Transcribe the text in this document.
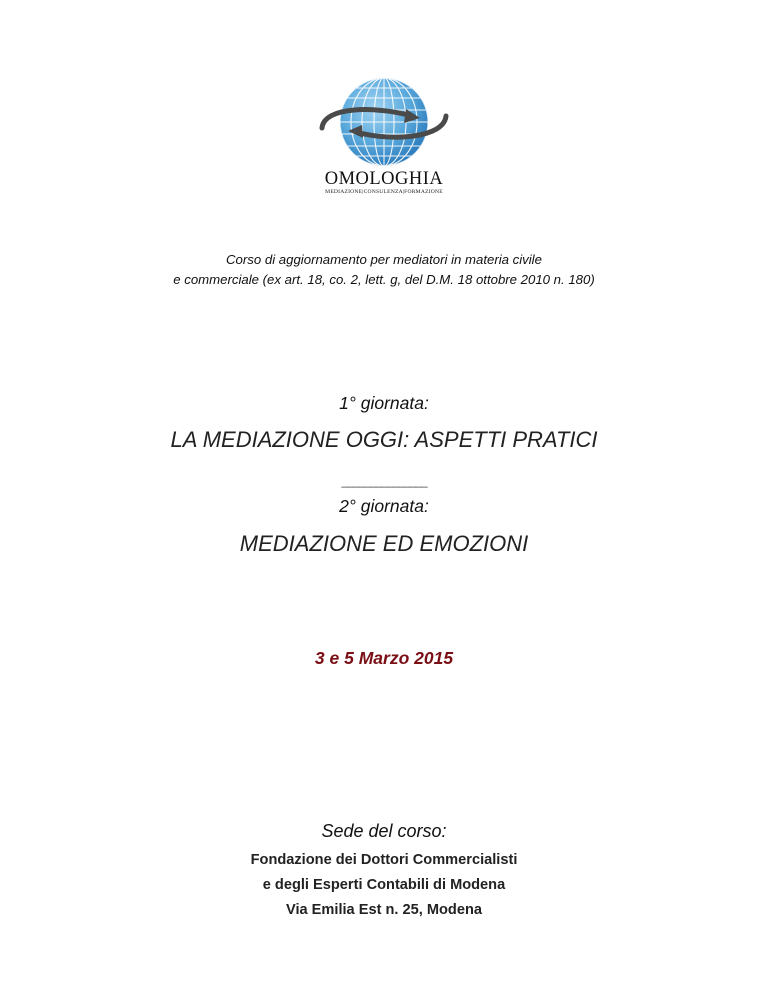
OMOLOGHIA
MEDIAZIONE|CONSULENZA|FORMAZIONE
Corso di aggiornamento per mediatori in materia civile
e commerciale (ex art. 18, co. 2, lett. g, del D.M. 18 ottobre 2010 n. 180)
1° giornata:
LA MEDIAZIONE OGGI: ASPETTI PRATICI
_______________
2° giornata:
MEDIAZIONE ED EMOZIONI
3 e 5 Marzo 2015
Sede del corso:
Fondazione dei Dottori Commercialisti
e degli Esperti Contabili di Modena
Via Emilia Est n. 25, Modena
